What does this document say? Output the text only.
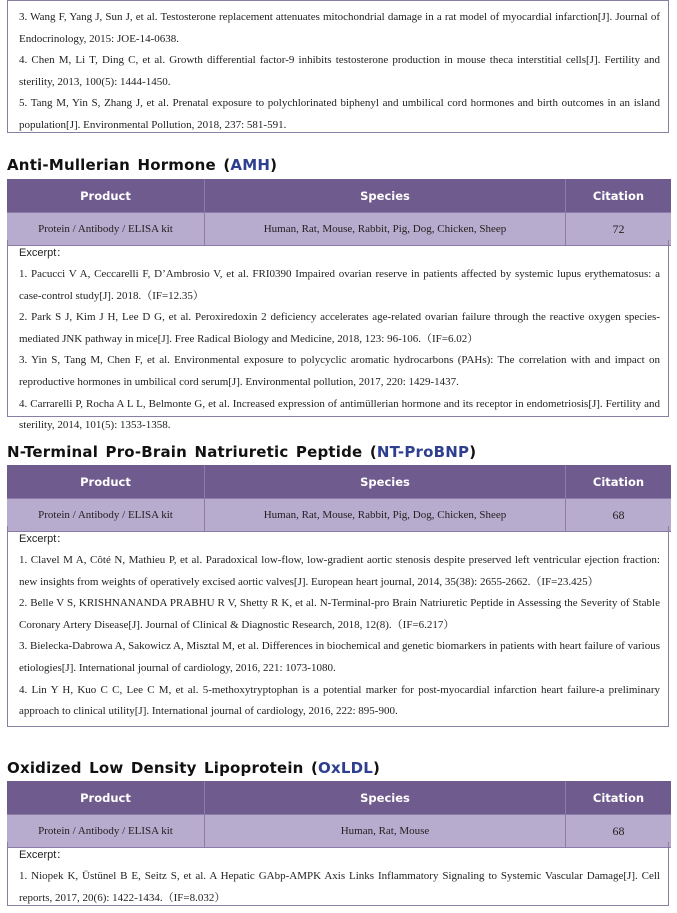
3. Wang F, Yang J, Sun J, et al. Testosterone replacement attenuates mitochondrial damage in a rat model of myocardial infarction[J]. Journal of Endocrinology, 2015: JOE-14-0638.
4. Chen M, Li T, Ding C, et al. Growth differential factor-9 inhibits testosterone production in mouse theca interstitial cells[J]. Fertility and sterility, 2013, 100(5): 1444-1450.
5. Tang M, Yin S, Zhang J, et al. Prenatal exposure to polychlorinated biphenyl and umbilical cord hormones and birth outcomes in an island population[J]. Environmental Pollution, 2018, 237: 581-591.
Anti-Mullerian Hormone (AMH)
Product	Species	Citation
Protein / Antibody / ELISA kit	Human, Rat, Mouse, Rabbit, Pig, Dog, Chicken, Sheep	72
Excerpt：
1. Pacucci V A, Ceccarelli F, D’Ambrosio V, et al. FRI0390 Impaired ovarian reserve in patients affected by systemic lupus erythematosus: a case-control study[J]. 2018.（IF=12.35）
2. Park S J, Kim J H, Lee D G, et al. Peroxiredoxin 2 deficiency accelerates age-related ovarian failure through the reactive oxygen species-mediated JNK pathway in mice[J]. Free Radical Biology and Medicine, 2018, 123: 96-106.（IF=6.02）
3. Yin S, Tang M, Chen F, et al. Environmental exposure to polycyclic aromatic hydrocarbons (PAHs): The correlation with and impact on reproductive hormones in umbilical cord serum[J]. Environmental pollution, 2017, 220: 1429-1437.
4. Carrarelli P, Rocha A L L, Belmonte G, et al. Increased expression of antimüllerian hormone and its receptor in endometriosis[J]. Fertility and sterility, 2014, 101(5): 1353-1358.
N-Terminal Pro-Brain Natriuretic Peptide (NT-ProBNP)
Product	Species	Citation
Protein / Antibody / ELISA kit	Human, Rat, Mouse, Rabbit, Pig, Dog, Chicken, Sheep	68
Excerpt：
1. Clavel M A, Côté N, Mathieu P, et al. Paradoxical low-flow, low-gradient aortic stenosis despite preserved left ventricular ejection fraction: new insights from weights of operatively excised aortic valves[J]. European heart journal, 2014, 35(38): 2655-2662.（IF=23.425）
2. Belle V S, KRISHNANANDA PRABHU R V, Shetty R K, et al. N-Terminal-pro Brain Natriuretic Peptide in Assessing the Severity of Stable Coronary Artery Disease[J]. Journal of Clinical & Diagnostic Research, 2018, 12(8).（IF=6.217）
3. Bielecka-Dabrowa A, Sakowicz A, Misztal M, et al. Differences in biochemical and genetic biomarkers in patients with heart failure of various etiologies[J]. International journal of cardiology, 2016, 221: 1073-1080.
4. Lin Y H, Kuo C C, Lee C M, et al. 5-methoxytryptophan is a potential marker for post-myocardial infarction heart failure-a preliminary approach to clinical utility[J]. International journal of cardiology, 2016, 222: 895-900.
Oxidized Low Density Lipoprotein (OxLDL)
Product	Species	Citation
Protein / Antibody / ELISA kit	Human, Rat, Mouse	68
Excerpt：
1. Niopek K, Üstünel B E, Seitz S, et al. A Hepatic GAbp-AMPK Axis Links Inflammatory Signaling to Systemic Vascular Damage[J]. Cell reports, 2017, 20(6): 1422-1434.（IF=8.032）
